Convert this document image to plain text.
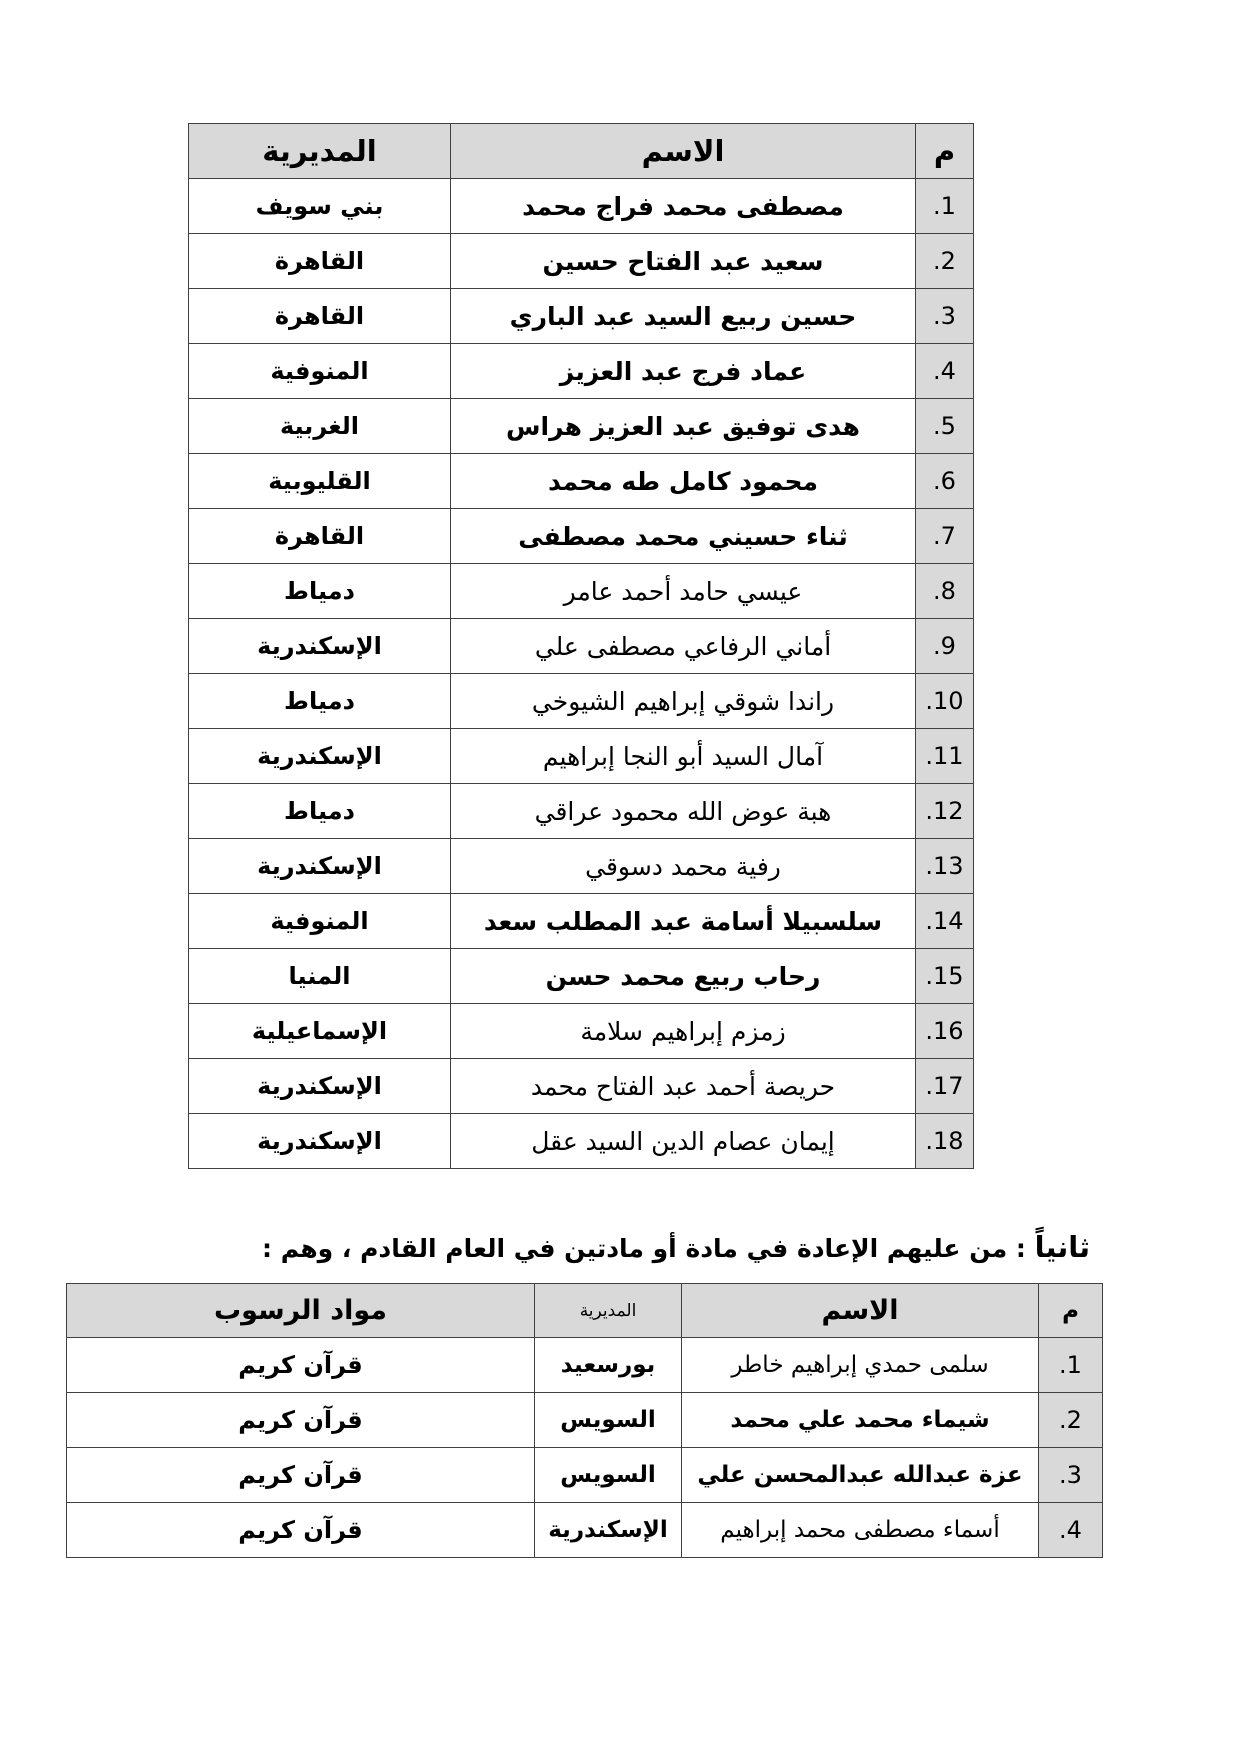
م	الاسم	المديرية
.1	مصطفى محمد فراج محمد	بني سويف
.2	سعيد عبد الفتاح حسين	القاهرة
.3	حسين ربيع السيد عبد الباري	القاهرة
.4	عماد فرج عبد العزيز	المنوفية
.5	هدى توفيق عبد العزيز هراس	الغربية
.6	محمود كامل طه محمد	القليوبية
.7	ثناء حسيني محمد مصطفى	القاهرة
.8	عيسي حامد أحمد عامر	دمياط
.9	أماني الرفاعي مصطفى علي	الإسكندرية
.10	راندا شوقي إبراهيم الشيوخي	دمياط
.11	آمال السيد أبو النجا إبراهيم	الإسكندرية
.12	هبة عوض الله محمود عراقي	دمياط
.13	رفية محمد دسوقي	الإسكندرية
.14	سلسبيلا أسامة عبد المطلب سعد	المنوفية
.15	رحاب ربيع محمد حسن	المنيا
.16	زمزم إبراهيم سلامة	الإسماعيلية
.17	حريصة أحمد عبد الفتاح محمد	الإسكندرية
.18	إيمان عصام الدين السيد عقل	الإسكندرية
ثانياً : من عليهم الإعادة في مادة أو مادتين في العام القادم ، وهم :
م	الاسم	المديرية	مواد الرسوب
.1	سلمى حمدي إبراهيم خاطر	بورسعيد	قرآن كريم
.2	شيماء محمد علي محمد	السويس	قرآن كريم
.3	عزة عبدالله عبدالمحسن علي	السويس	قرآن كريم
.4	أسماء مصطفى محمد إبراهيم	الإسكندرية	قرآن كريم
